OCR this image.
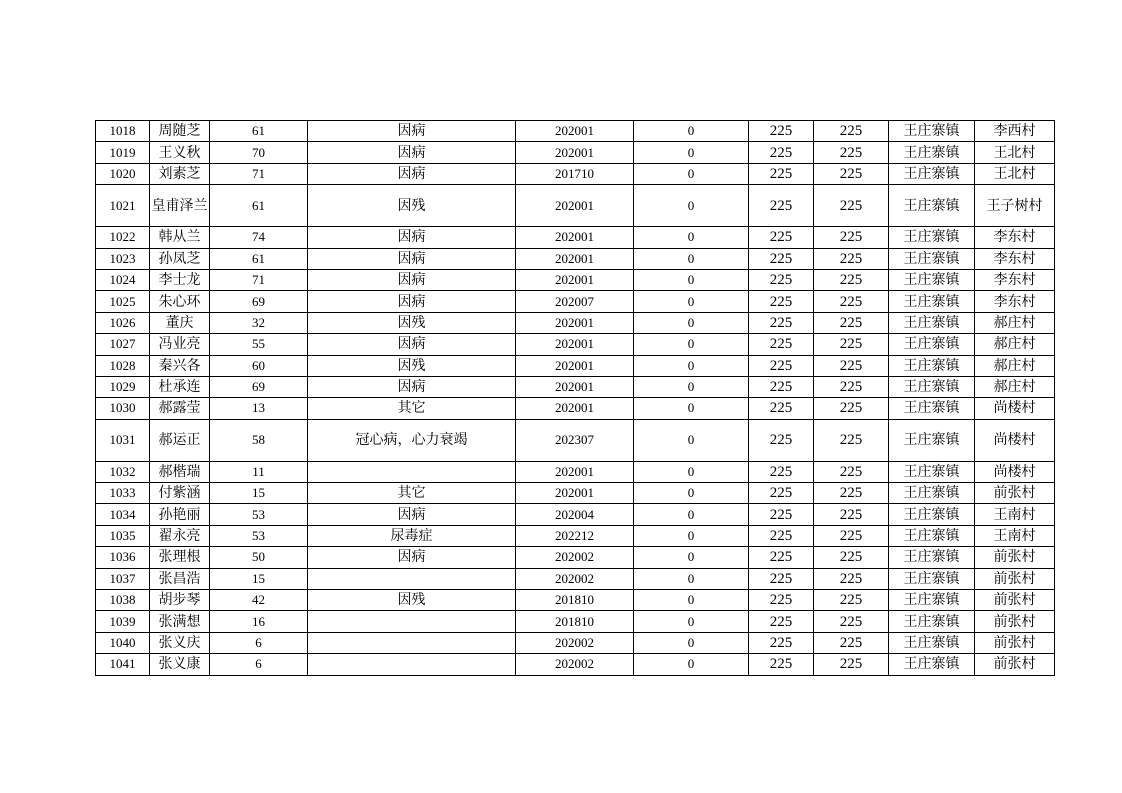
1018	周随芝	61	因病	202001	0	225	225	王庄寨镇	李西村
1019	王义秋	70	因病	202001	0	225	225	王庄寨镇	王北村
1020	刘素芝	71	因病	201710	0	225	225	王庄寨镇	王北村
1021	皇甫泽兰	61	因残	202001	0	225	225	王庄寨镇	王子树村
1022	韩从兰	74	因病	202001	0	225	225	王庄寨镇	李东村
1023	孙凤芝	61	因病	202001	0	225	225	王庄寨镇	李东村
1024	李士龙	71	因病	202001	0	225	225	王庄寨镇	李东村
1025	朱心环	69	因病	202007	0	225	225	王庄寨镇	李东村
1026	董庆	32	因残	202001	0	225	225	王庄寨镇	郝庄村
1027	冯业亮	55	因病	202001	0	225	225	王庄寨镇	郝庄村
1028	秦兴各	60	因残	202001	0	225	225	王庄寨镇	郝庄村
1029	杜承连	69	因病	202001	0	225	225	王庄寨镇	郝庄村
1030	郝露莹	13	其它	202001	0	225	225	王庄寨镇	尚楼村
1031	郝运正	58	冠心病，心力衰竭	202307	0	225	225	王庄寨镇	尚楼村
1032	郝楷瑞	11		202001	0	225	225	王庄寨镇	尚楼村
1033	付紫涵	15	其它	202001	0	225	225	王庄寨镇	前张村
1034	孙艳丽	53	因病	202004	0	225	225	王庄寨镇	王南村
1035	翟永亮	53	尿毒症	202212	0	225	225	王庄寨镇	王南村
1036	张理根	50	因病	202002	0	225	225	王庄寨镇	前张村
1037	张昌浩	15		202002	0	225	225	王庄寨镇	前张村
1038	胡步琴	42	因残	201810	0	225	225	王庄寨镇	前张村
1039	张满想	16		201810	0	225	225	王庄寨镇	前张村
1040	张义庆	6		202002	0	225	225	王庄寨镇	前张村
1041	张义康	6		202002	0	225	225	王庄寨镇	前张村
